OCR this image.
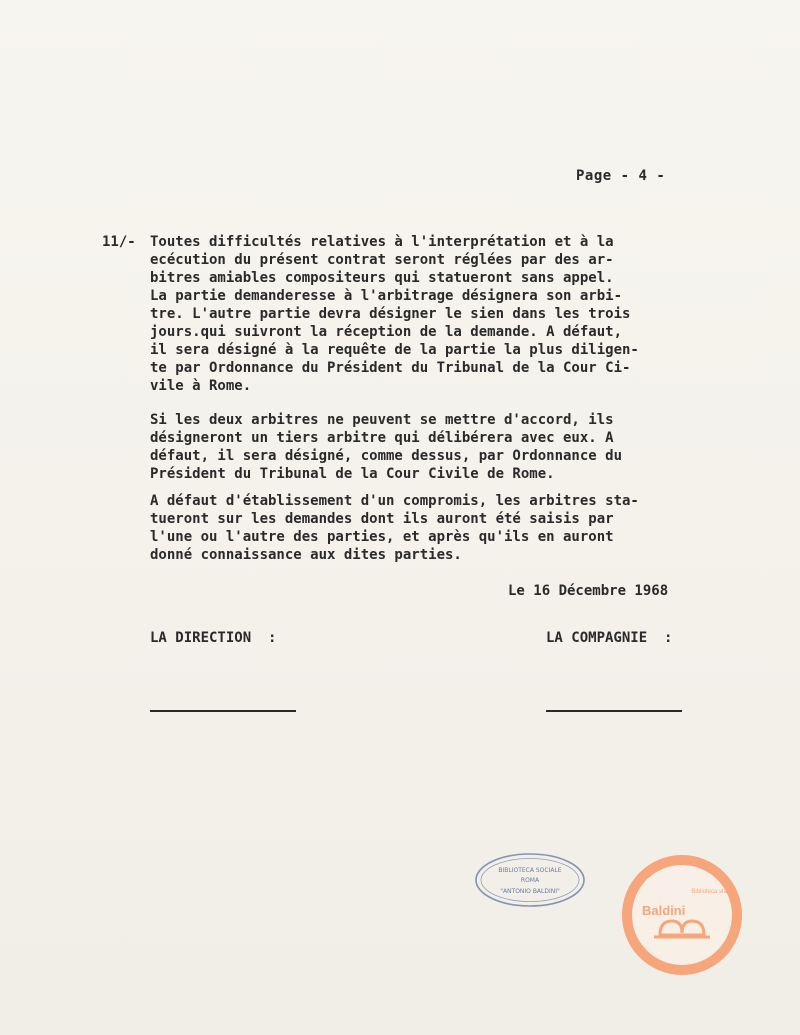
Page - 4 -
11/- Toutes difficultés relatives à l'interprétation et à la
ecécution du présent contrat seront réglées par des ar-
bitres amiables compositeurs qui statueront sans appel.
La partie demanderesse à l'arbitrage désignera son arbi-
tre. L'autre partie devra désigner le sien dans les trois
jours.qui suivront la réception de la demande. A défaut,
il sera désigné à la requête de la partie la plus diligen-
te par Ordonnance du Président du Tribunal de la Cour Ci-
vile à Rome.

Si les deux arbitres ne peuvent se mettre d'accord, ils
désigneront un tiers arbitre qui délibérera avec eux. A
défaut, il sera désigné, comme dessus, par Ordonnance du
Président du Tribunal de la Cour Civile de Rome.

A défaut d'établissement d'un compromis, les arbitres sta-
tueront sur les demandes dont ils auront été saisis par
l'une ou l'autre des parties, et après qu'ils en auront
donné connaissance aux dites parties.

Le 16 Décembre 1968
LA DIRECTION  :	LA COMPAGNIE  :
BIBLIOTECA SOCIALE
ROMA
"ANTONIO BALDINI"	Biblioteca statale
Baldini
